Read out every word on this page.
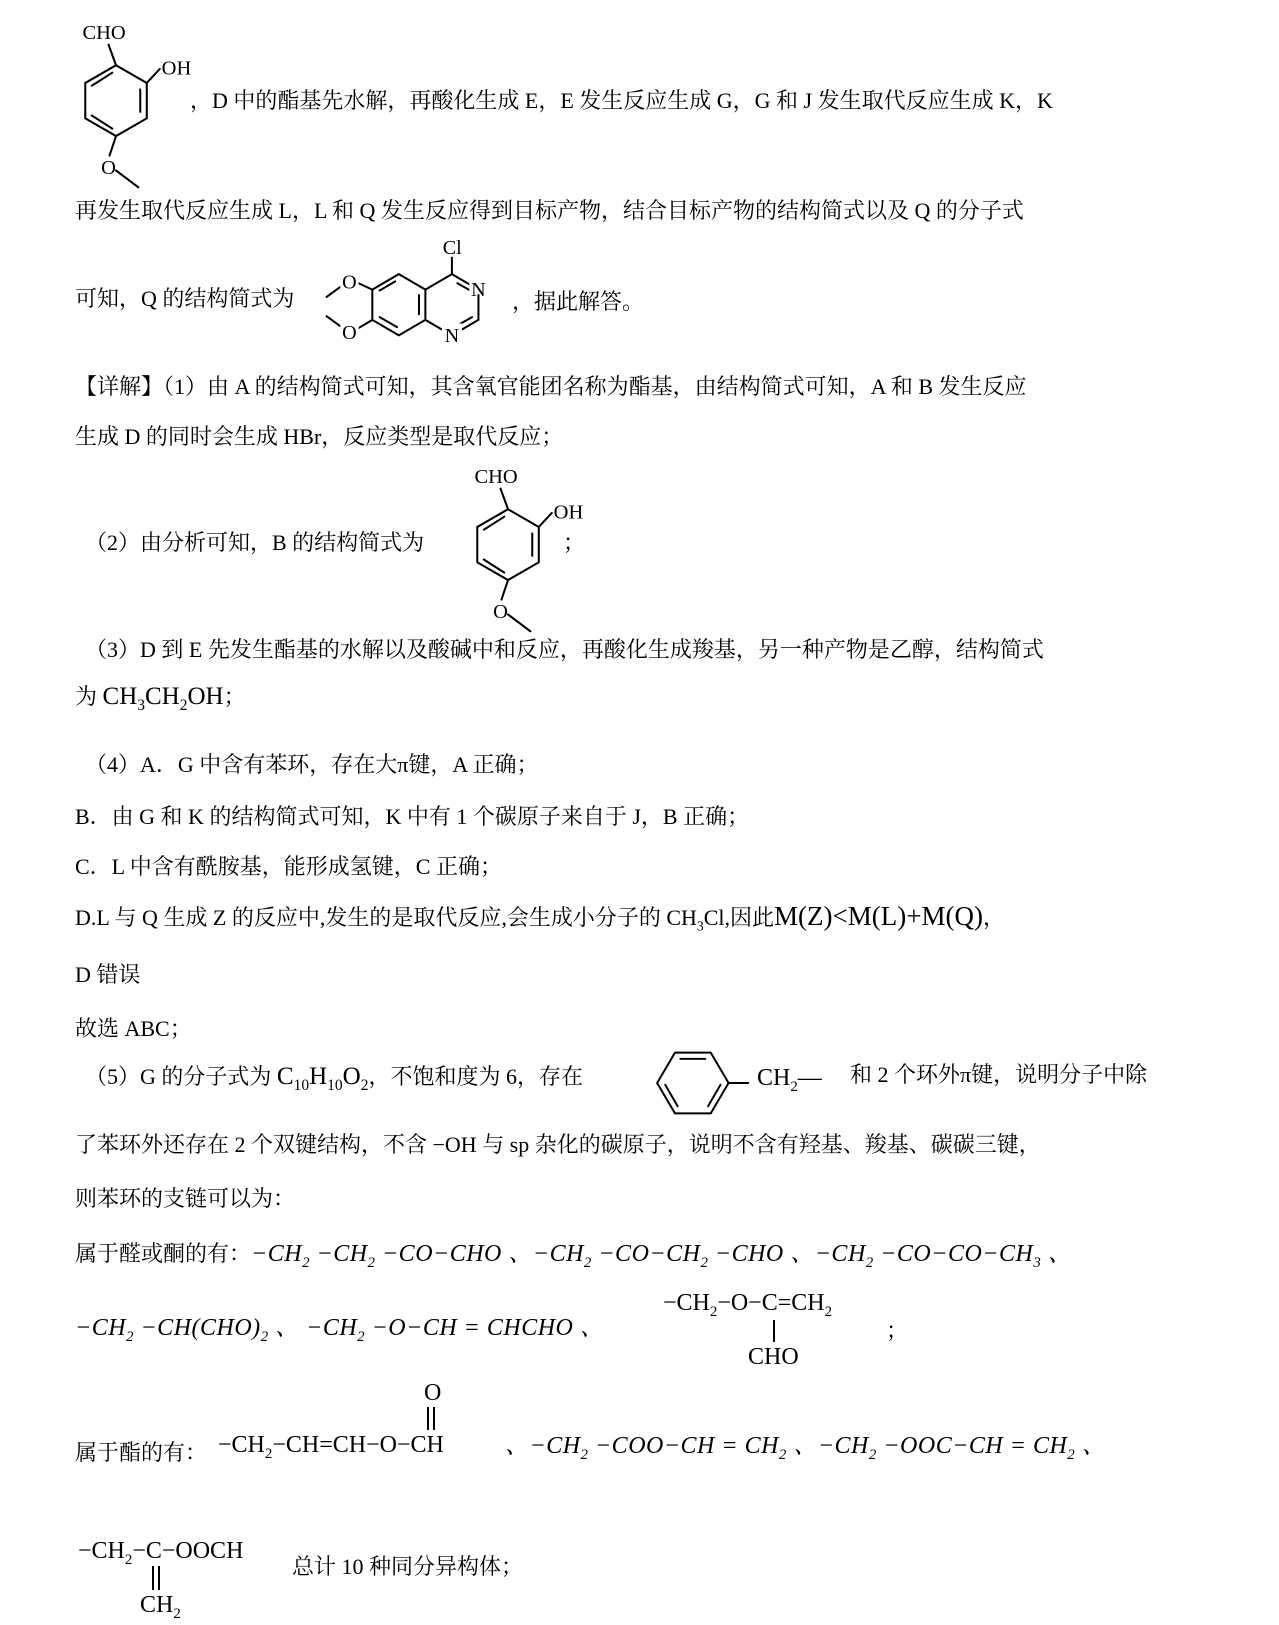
CHO
OH
O
，D 中的酯基先水解，再酸化生成 E，E 发生反应生成 G，G 和 J 发生取代反应生成 K，K
再发生取代反应生成 L，L 和 Q 发生反应得到目标产物，结合目标产物的结构简式以及 Q 的分子式
可知，Q 的结构简式为
Cl
N
N
O
O
，据此解答。
【详解】（1）由 A 的结构简式可知，其含氧官能团名称为酯基，由结构简式可知，A 和 B 发生反应
生成 D 的同时会生成 HBr，反应类型是取代反应；
（2）由分析可知，B 的结构简式为
CHO
OH
O
；
（3）D 到 E 先发生酯基的水解以及酸碱中和反应，再酸化生成羧基，另一种产物是乙醇，结构简式
为 $CH_3CH_2OH$；
（4）A．G 中含有苯环，存在大π键，A 正确；
B．由 G 和 K 的结构简式可知，K 中有 1 个碳原子来自于 J，B 正确；
C．L 中含有酰胺基，能形成氢键，C 正确；
D.L 与 Q 生成 Z 的反应中,发生的是取代反应,会生成小分子的 $CH_3Cl$,因此M(Z)<M(L)+M(Q)，
D 错误
故选 ABC；
（5）G 的分子式为 $C_{10}H_{10}O_2$，不饱和度为 6，存在	$CH_2—$ 和 2 个环外π键，说明分子中除
了苯环外还存在 2 个双键结构，不含 −OH 与 sp 杂化的碳原子，说明不含有羟基、羧基、碳碳三键，
则苯环的支链可以为：
属于醛或酮的有：$-CH_2 -CH_2 -CO-CHO$ 、$-CH_2 -CO-CH_2 -CHO$ 、$-CH_2 -CO-CO-CH_3$ 、
$-CH_2 -CH(CHO)_2$ 、 $-CH_2 -O-CH$ = CHCHO 、
$-CH_2-O-C=CH_2$
CHO
；
属于酯的有：
O
$-CH_2-CH=CH-O-CH$	、$-CH_2 -COO-CH = CH_2$ 、$-CH_2 -OOC-CH = CH_2$ 、
$-CH_2-C-OOCH$
$CH_2$
总计 10 种同分异构体；
